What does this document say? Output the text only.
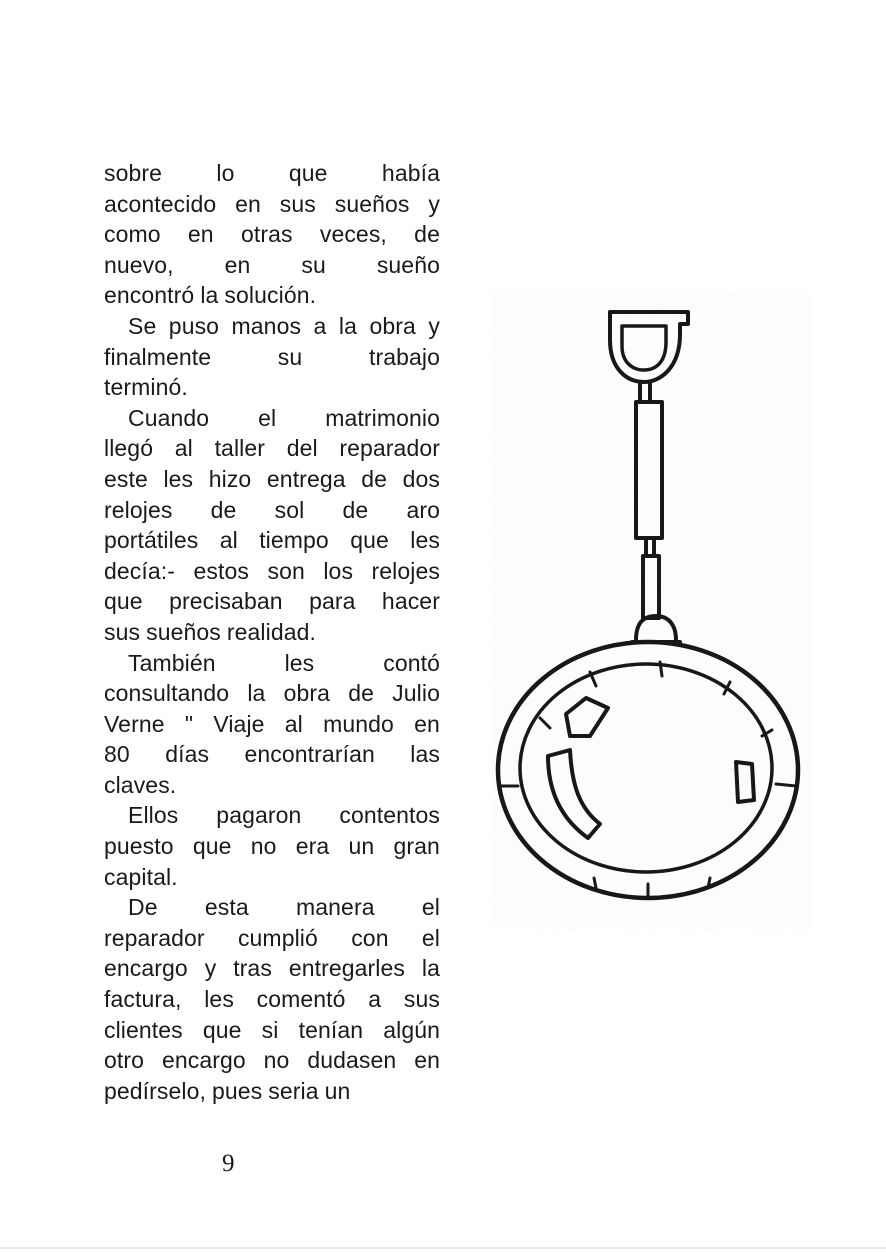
sobre lo que había
acontecido en sus sueños y
como en otras veces, de
nuevo, en su sueño
encontró la solución.
Se puso manos a la obra y
finalmente	su	trabajo
terminó.
Cuando el matrimonio
llegó al taller del reparador
este les hizo entrega de dos
relojes de sol de aro
portátiles al tiempo que les
decía:- estos son los relojes
que precisaban para hacer
sus sueños realidad.
También	les	contó
consultando la obra de Julio
Verne " Viaje al mundo en
80 días encontrarían las
claves.
Ellos pagaron contentos
puesto que no era un gran
capital.
De esta manera el
reparador cumplió con el
encargo y tras entregarles la
factura, les comentó a sus
clientes que si tenían algún
otro encargo no dudasen en
pedírselo, pues seria un
9
